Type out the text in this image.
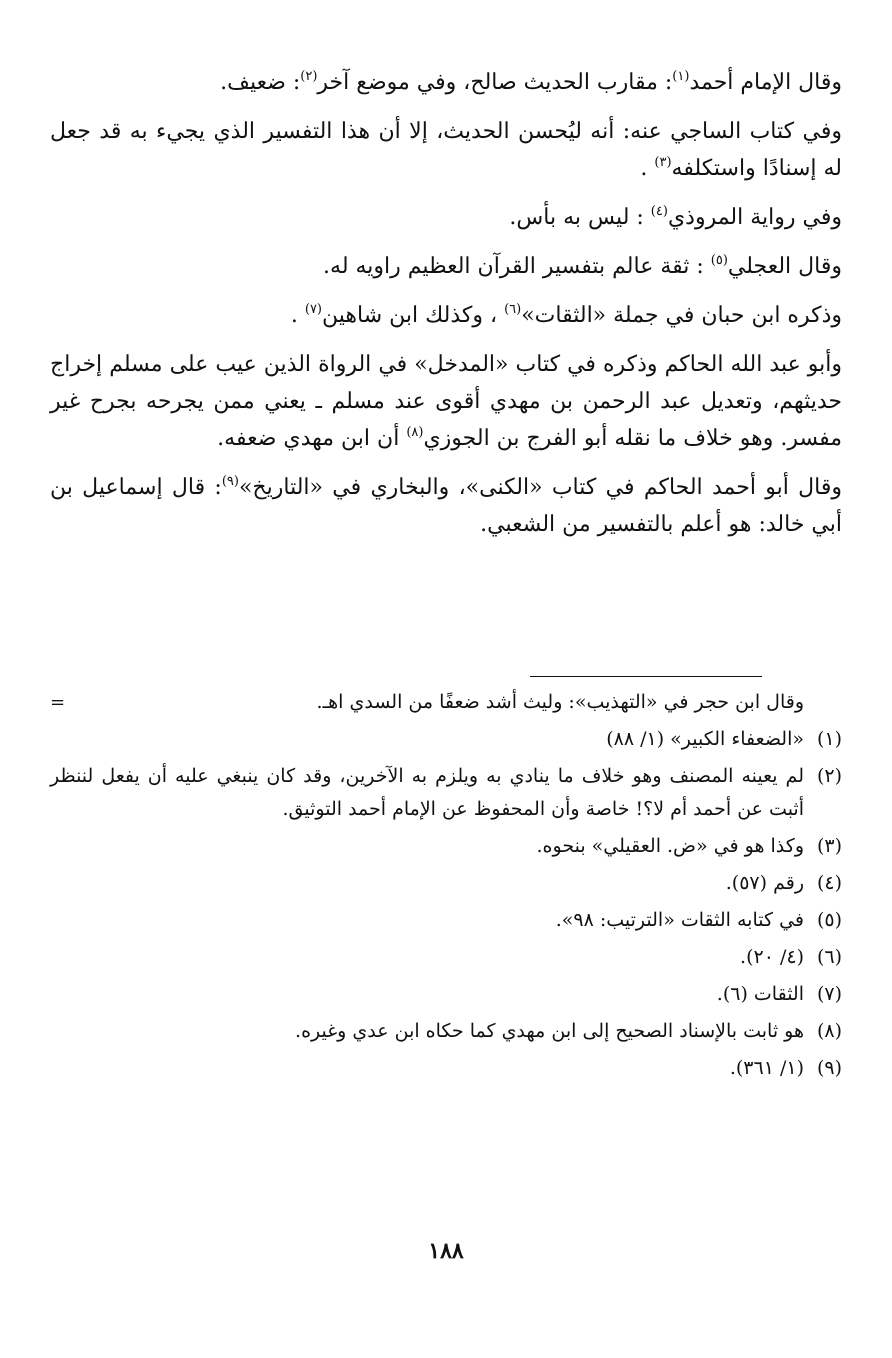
وقال الإمام أحمد$^{(١)}$: مقارب الحديث صالح، وفي موضع آخر$^{(٢)}$: ضعيف.

وفي كتاب الساجي عنه: أنه ليُحسن الحديث، إلا أن هذا التفسير الذي يجيء به قد جعل له إسنادًا واستكلفه$^{(٣)}$ .

وفي رواية المروذي$^{(٤)}$ : ليس به بأس.

وقال العجلي$^{(٥)}$ : ثقة عالم بتفسير القرآن العظيم راويه له.

وذكره ابن حبان في جملة «الثقات»$^{(٦)}$ ، وكذلك ابن شاهين$^{(٧)}$ .

وأبو عبد الله الحاكم وذكره في كتاب «المدخل» في الرواة الذين عيب على مسلم إخراج حديثهم، وتعديل عبد الرحمن بن مهدي أقوى عند مسلم ـ يعني ممن يجرحه بجرح غير مفسر. وهو خلاف ما نقله أبو الفرج بن الجوزي$^{(٨)}$ أن ابن مهدي ضعفه.

وقال أبو أحمد الحاكم في كتاب «الكنى»، والبخاري في «التاريخ»$^{(٩)}$: قال إسماعيل بن أبي خالد: هو أعلم بالتفسير من الشعبي.

=	وقال ابن حجر في «التهذيب»: وليث أشد ضعفًا من السدي اهـ.
(١)
«الضعفاء الكبير» (١/ ٨٨)
(٢)
لم يعينه المصنف وهو خلاف ما ينادي به ويلزم به الآخرين، وقد كان ينبغي عليه أن يفعل لننظر أثبت عن أحمد أم لا؟! خاصة وأن المحفوظ عن الإمام أحمد التوثيق.
(٣)
وكذا هو في «ض. العقيلي» بنحوه.
(٤)
رقم (٥٧).
(٥)
في كتابه الثقات «الترتيب: ٩٨».
(٦)
(٤/ ٢٠).
(٧)
الثقات (٦).
(٨)
هو ثابت بالإسناد الصحيح إلى ابن مهدي كما حكاه ابن عدي وغيره.
(٩)
(١/ ٣٦١).
١٨٨
